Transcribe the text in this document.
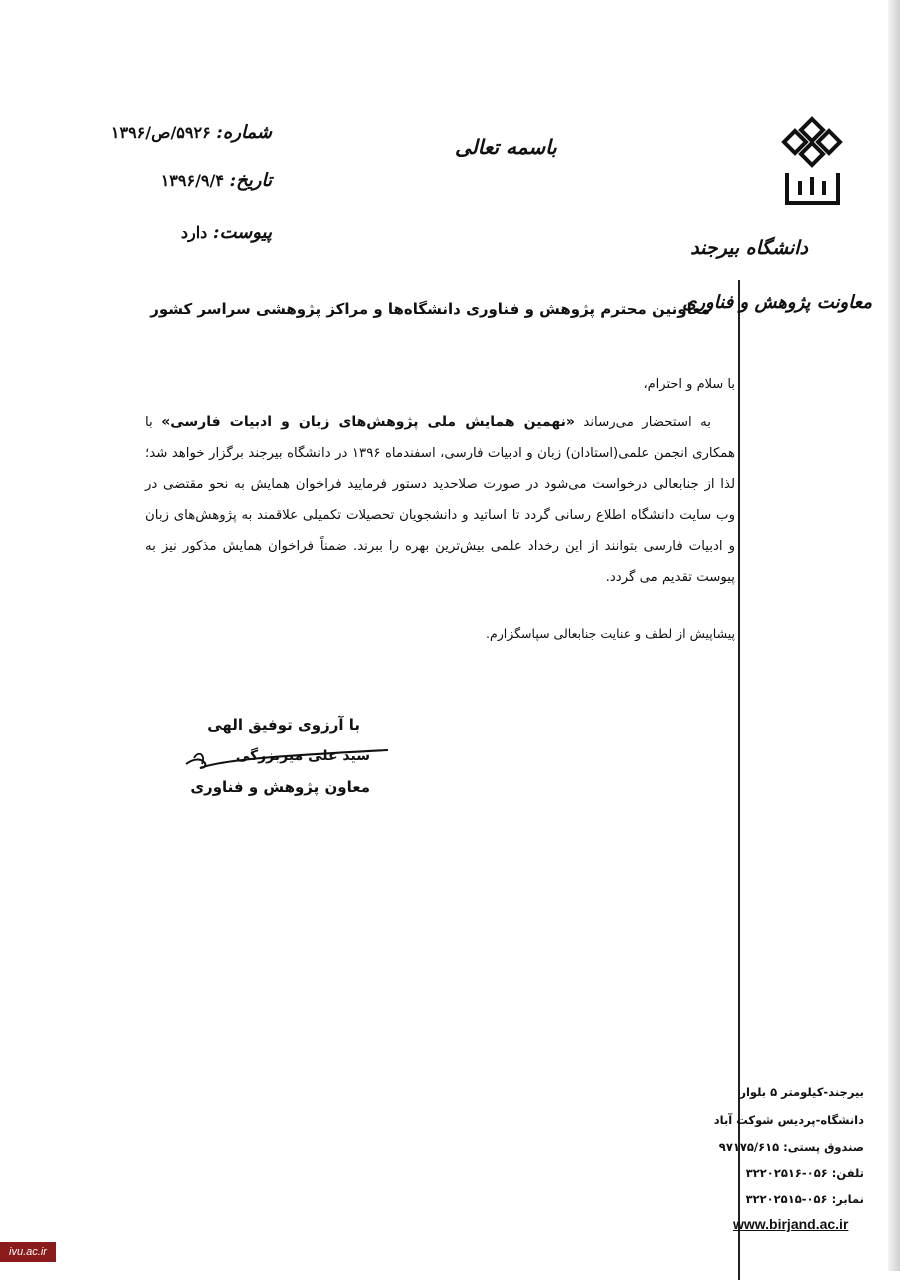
دانشگاه بیرجند
معاونت پژوهش و فناوری
باسمه تعالی
شماره: ۵۹۲۶/ص/۱۳۹۶
تاریخ: ۱۳۹۶/۹/۴
پیوست: دارد
معاونین محترم پژوهش و فناوری دانشگاه‌ها و مراکز پژوهشی سراسر کشور
با سلام و احترام،

به استحضار می‌رساند «نهمین همایش ملی پژوهش‌های زبان و ادبیات فارسی» با همکاری انجمن علمی(استادان) زبان و ادبیات فارسی، اسفندماه ۱۳۹۶ در دانشگاه بیرجند برگزار خواهد شد؛ لذا از جنابعالی درخواست می‌شود در صورت صلاحدید دستور فرمایید فراخوان همایش به نحو مقتضی در وب سایت دانشگاه اطلاع رسانی گردد تا اساتید و دانشجویان تحصیلات تکمیلی علاقمند به پژوهش‌های زبان و ادبیات فارسی بتوانند از این رخداد علمی بیش‌ترین بهره را ببرند. ضمناً فراخوان همایش مذکور نیز به پیوست تقدیم می گردد.

پیشاپیش از لطف و عنایت جنابعالی سپاسگزارم.
با آرزوی توفیق الهی
سید علی میربزرگی
معاون پژوهش و فناوری
بیرجند-کیلومتر ۵ بلوار
دانشگاه-پردیس شوکت آباد
صندوق پستی: ۹۷۱۷۵/۶۱۵
تلفن: ۰۵۶-۳۲۲۰۲۵۱۶
نمابر: ۰۵۶-۳۲۲۰۲۵۱۵
www.birjand.ac.ir
ivu.ac.ir
